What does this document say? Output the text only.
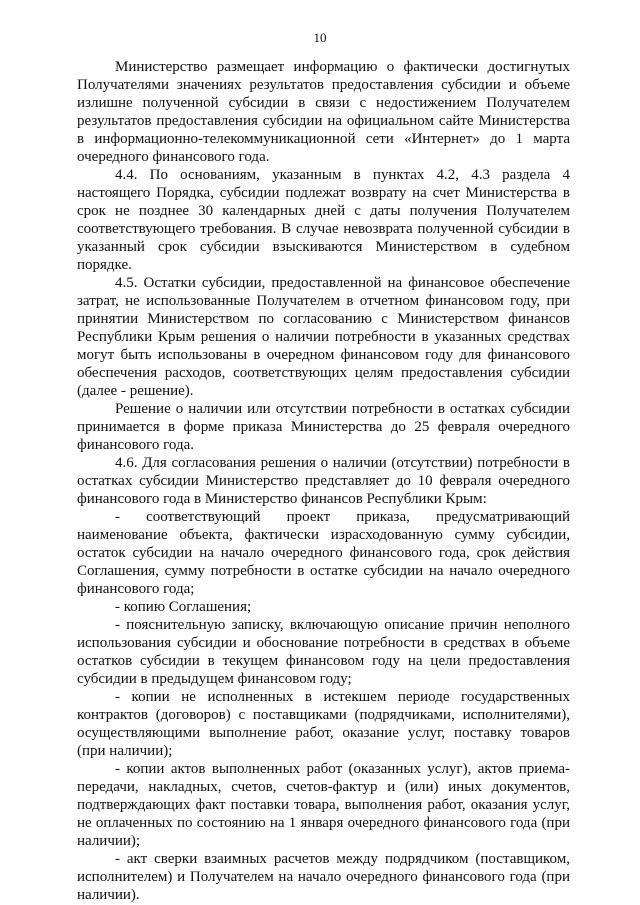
10

Министерство размещает информацию о фактически достигнутых Получателями значениях результатов предоставления субсидии и объеме излишне полученной субсидии в связи с недостижением Получателем результатов предоставления субсидии на официальном сайте Министерства в информационно-телекоммуникационной сети «Интернет» до 1 марта очередного финансового года.

4.4. По основаниям, указанным в пунктах 4.2, 4.3 раздела 4 настоящего Порядка, субсидии подлежат возврату на счет Министерства в срок не позднее 30 календарных дней с даты получения Получателем соответствующего требования. В случае невозврата полученной субсидии в указанный срок субсидии взыскиваются Министерством в судебном порядке.

4.5. Остатки субсидии, предоставленной на финансовое обеспечение затрат, не использованные Получателем в отчетном финансовом году, при принятии Министерством по согласованию с Министерством финансов Республики Крым решения о наличии потребности в указанных средствах могут быть использованы в очередном финансовом году для финансового обеспечения расходов, соответствующих целям предоставления субсидии (далее - решение).

Решение о наличии или отсутствии потребности в остатках субсидии принимается в форме приказа Министерства до 25 февраля очередного финансового года.

4.6. Для согласования решения о наличии (отсутствии) потребности в остатках субсидии Министерство представляет до 10 февраля очередного финансового года в Министерство финансов Республики Крым:

- соответствующий проект приказа, предусматривающий наименование объекта, фактически израсходованную сумму субсидии, остаток субсидии на начало очередного финансового года, срок действия Соглашения, сумму потребности в остатке субсидии на начало очередного финансового года;

- копию Соглашения;

- пояснительную записку, включающую описание причин неполного использования субсидии и обоснование потребности в средствах в объеме остатков субсидии в текущем финансовом году на цели предоставления субсидии в предыдущем финансовом году;

- копии не исполненных в истекшем периоде государственных контрактов (договоров) с поставщиками (подрядчиками, исполнителями), осуществляющими выполнение работ, оказание услуг, поставку товаров (при наличии);

- копии актов выполненных работ (оказанных услуг), актов приема-передачи, накладных, счетов, счетов-фактур и (или) иных документов, подтверждающих факт поставки товара, выполнения работ, оказания услуг, не оплаченных по состоянию на 1 января очередного финансового года (при наличии);

- акт сверки взаимных расчетов между подрядчиком (поставщиком, исполнителем) и Получателем на начало очередного финансового года (при наличии).
